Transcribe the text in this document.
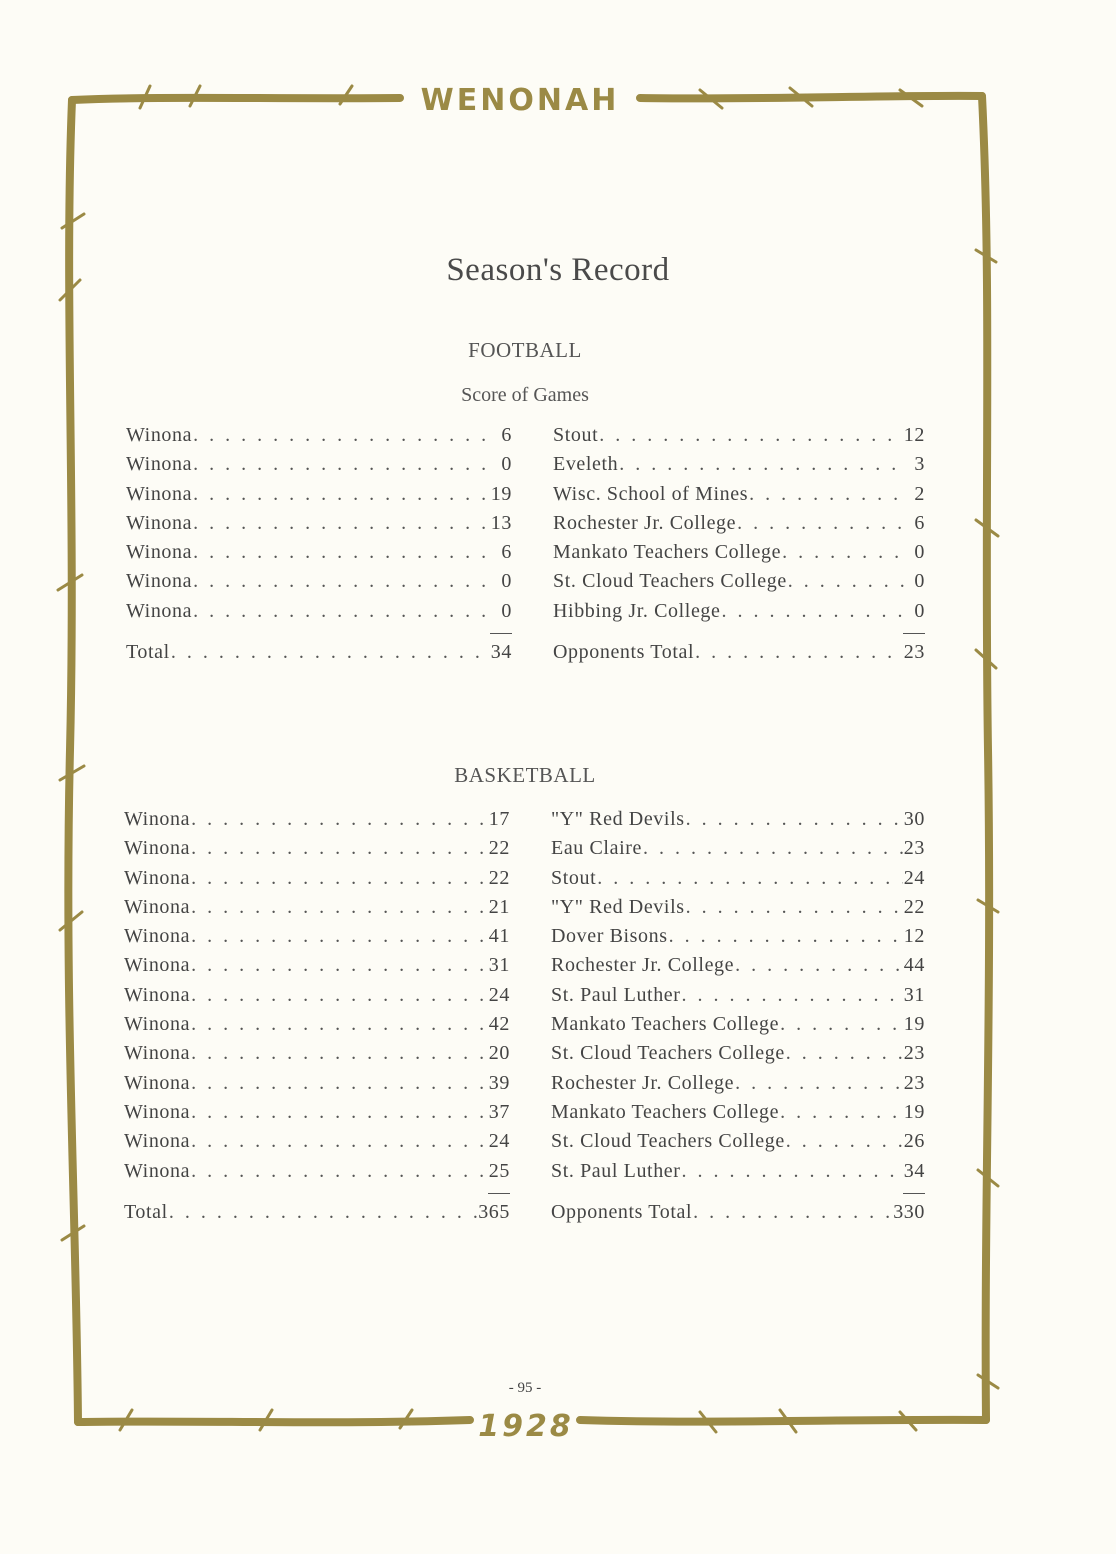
WENONAH
1928
Season's Record
FOOTBALL
Score of Games
Winona . . .	6
Winona . . .	0
Winona . . .	19
Winona . . .	13
Winona . . .	6
Winona . . .	0
Winona . . .	0
Total . . .	34
Stout . . .	12
Eveleth . . .	3
Wisc. School of Mines . . .	2
Rochester Jr. College . . .	6
Mankato Teachers College . . .	0
St. Cloud Teachers College . . .	0
Hibbing Jr. College . . .	0
Opponents Total . . .	23
BASKETBALL
Winona . . .	17
Winona . . .	22
Winona . . .	22
Winona . . .	21
Winona . . .	41
Winona . . .	31
Winona . . .	24
Winona . . .	42
Winona . . .	20
Winona . . .	39
Winona . . .	37
Winona . . .	24
Winona . . .	25
Total . . .	365
"Y" Red Devils . . .	30
Eau Claire . . .	23
Stout . . .	24
"Y" Red Devils . . .	22
Dover Bisons . . .	12
Rochester Jr. College . . .	44
St. Paul Luther . . .	31
Mankato Teachers College . . .	19
St. Cloud Teachers College . . .	23
Rochester Jr. College . . .	23
Mankato Teachers College . . .	19
St. Cloud Teachers College . . .	26
St. Paul Luther . . .	34
Opponents Total . . .	330
- 95 -
